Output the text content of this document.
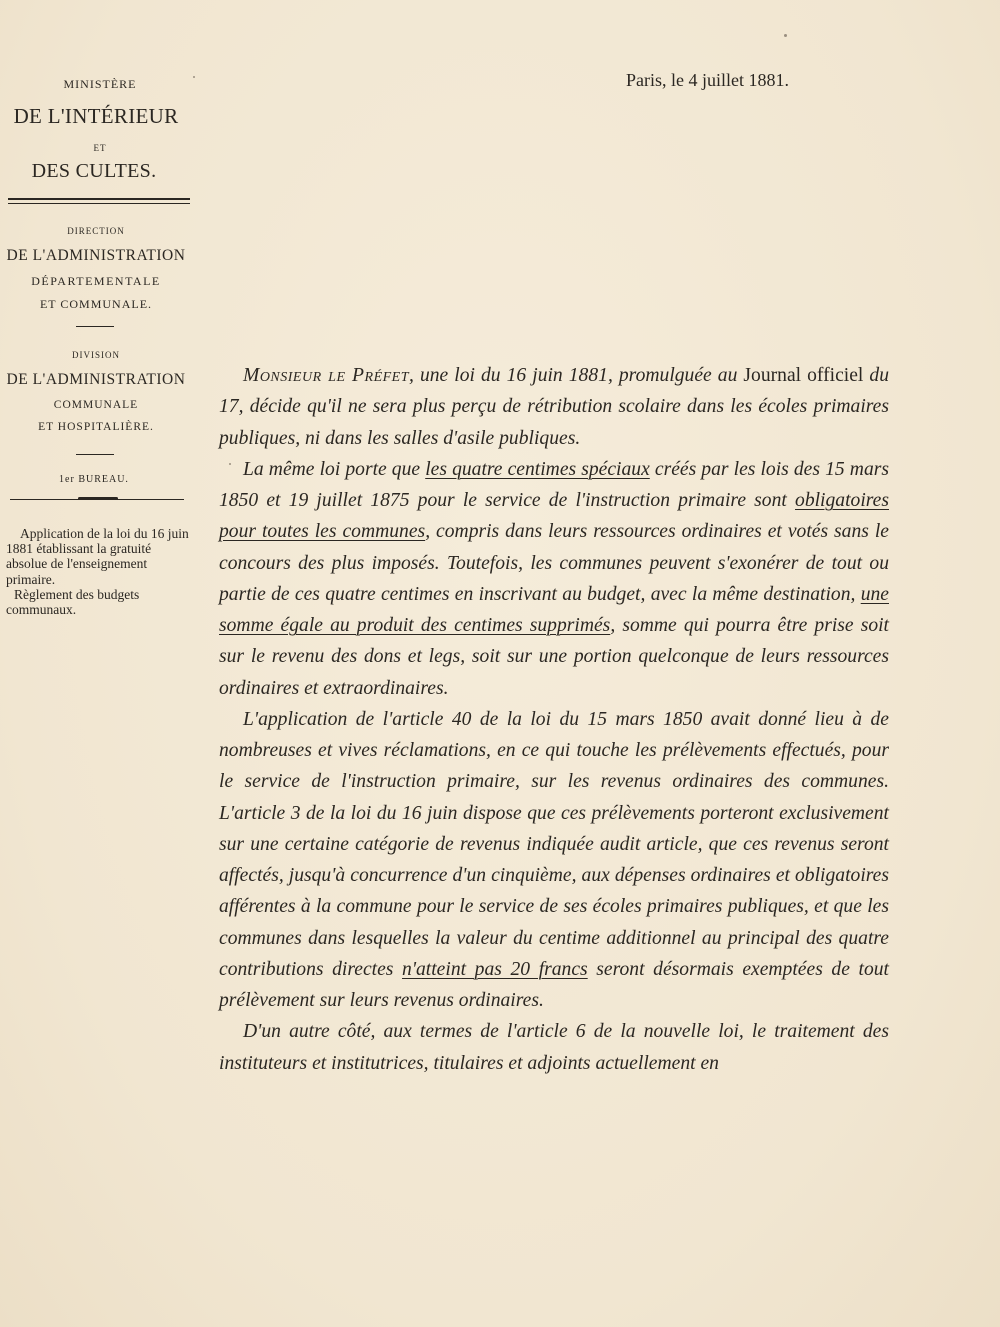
MINISTÈRE
DE L'INTÉRIEUR
ET
DES CULTES.
DIRECTION
DE L'ADMINISTRATION
DÉPARTEMENTALE
ET COMMUNALE.
DIVISION
DE L'ADMINISTRATION
COMMUNALE
ET HOSPITALIÈRE.
1er BUREAU.

Application de la loi du 16 juin 1881 établissant la gratuité absolue de l'enseignement primaire.

Règlement des budgets communaux.

Paris, le 4 juillet 1881.

Monsieur le Préfet, une loi du 16 juin 1881, promulguée au Journal officiel du 17, décide qu'il ne sera plus perçu de rétribution scolaire dans les écoles primaires publiques, ni dans les salles d'asile publiques.

La même loi porte que les quatre centimes spéciaux créés par les lois des 15 mars 1850 et 19 juillet 1875 pour le service de l'instruction primaire sont obligatoires pour toutes les communes, compris dans leurs ressources ordinaires et votés sans le concours des plus imposés. Toutefois, les communes peuvent s'exonérer de tout ou partie de ces quatre centimes en inscrivant au budget, avec la même destination, une somme égale au produit des centimes supprimés, somme qui pourra être prise soit sur le revenu des dons et legs, soit sur une portion quelconque de leurs ressources ordinaires et extraordinaires.

L'application de l'article 40 de la loi du 15 mars 1850 avait donné lieu à de nombreuses et vives réclamations, en ce qui touche les prélèvements effectués, pour le service de l'instruction primaire, sur les revenus ordinaires des communes. L'article 3 de la loi du 16 juin dispose que ces prélèvements porteront exclusivement sur une certaine catégorie de revenus indiquée audit article, que ces revenus seront affectés, jusqu'à concurrence d'un cinquième, aux dépenses ordinaires et obligatoires afférentes à la commune pour le service de ses écoles primaires publiques, et que les communes dans lesquelles la valeur du centime additionnel au principal des quatre contributions directes n'atteint pas 20 francs seront désormais exemptées de tout prélèvement sur leurs revenus ordinaires.

D'un autre côté, aux termes de l'article 6 de la nouvelle loi, le traitement des instituteurs et institutrices, titulaires et adjoints actuellement en
